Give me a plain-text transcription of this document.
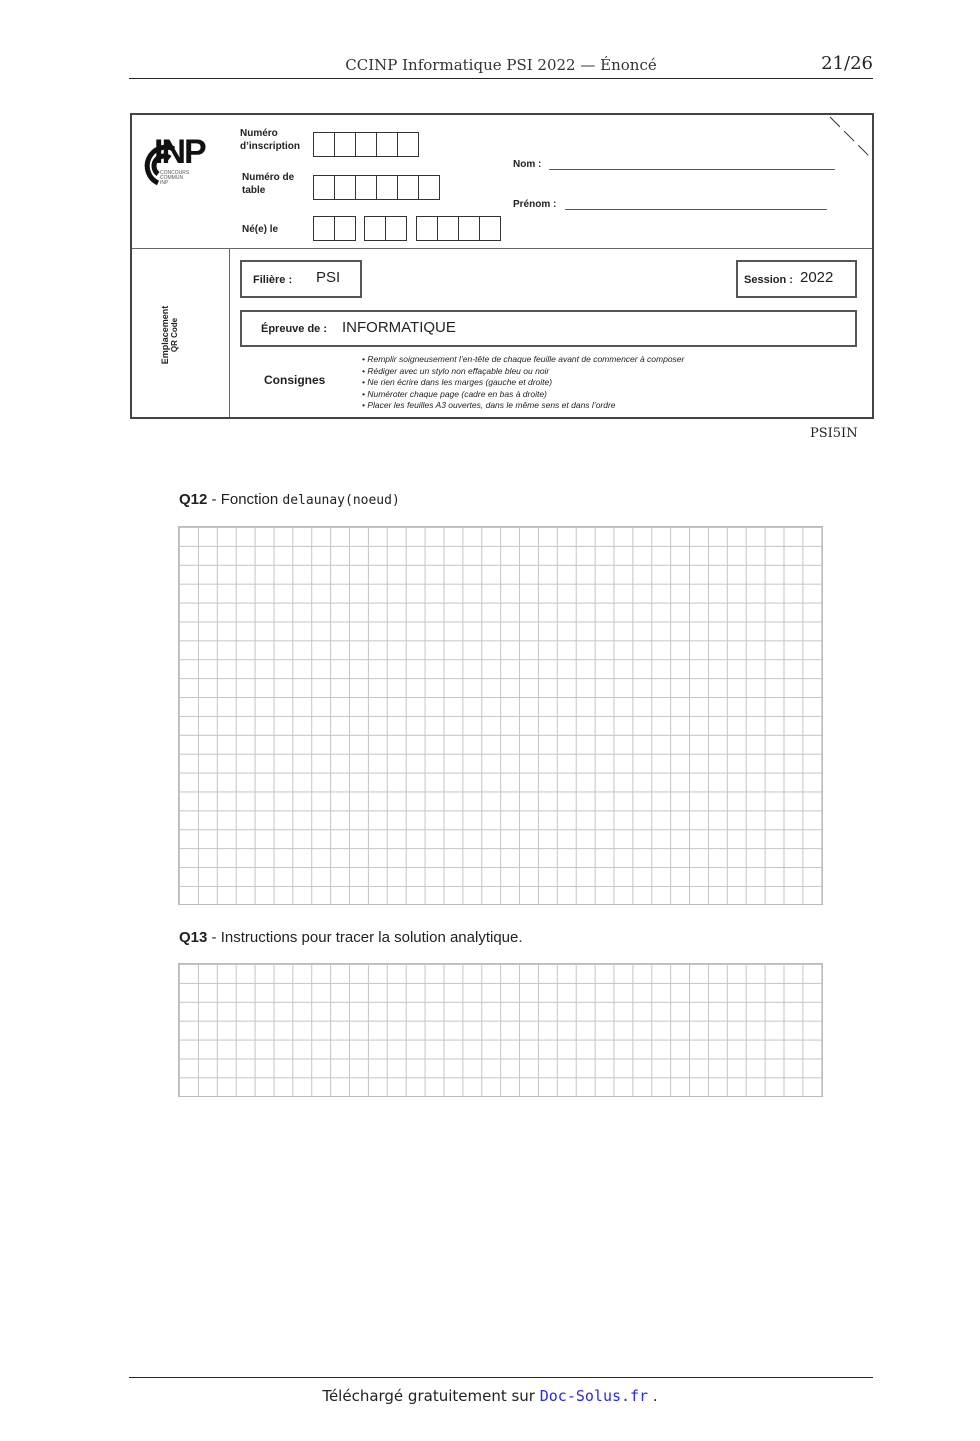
CCINP Informatique PSI 2022 — Énoncé	21/26
INP
CONCOURS
COMMUN
INP
Numéro d’inscription
Numéro de table
Né(e) le
Nom :
Prénom :
Emplacement QR Code
Filière : PSI	Session : 2022
Épreuve de : INFORMATIQUE
Consignes
• Remplir soigneusement l’en-tête de chaque feuille avant de commencer à composer
• Rédiger avec un stylo non effaçable bleu ou noir
• Ne rien écrire dans les marges (gauche et droite)
• Numéroter chaque page (cadre en bas à droite)
• Placer les feuilles A3 ouvertes, dans le même sens et dans l’ordre
PSI5IN
Q12 - Fonction delaunay(noeud)
Q13 - Instructions pour tracer la solution analytique.
Téléchargé gratuitement sur Doc-Solus.fr .
